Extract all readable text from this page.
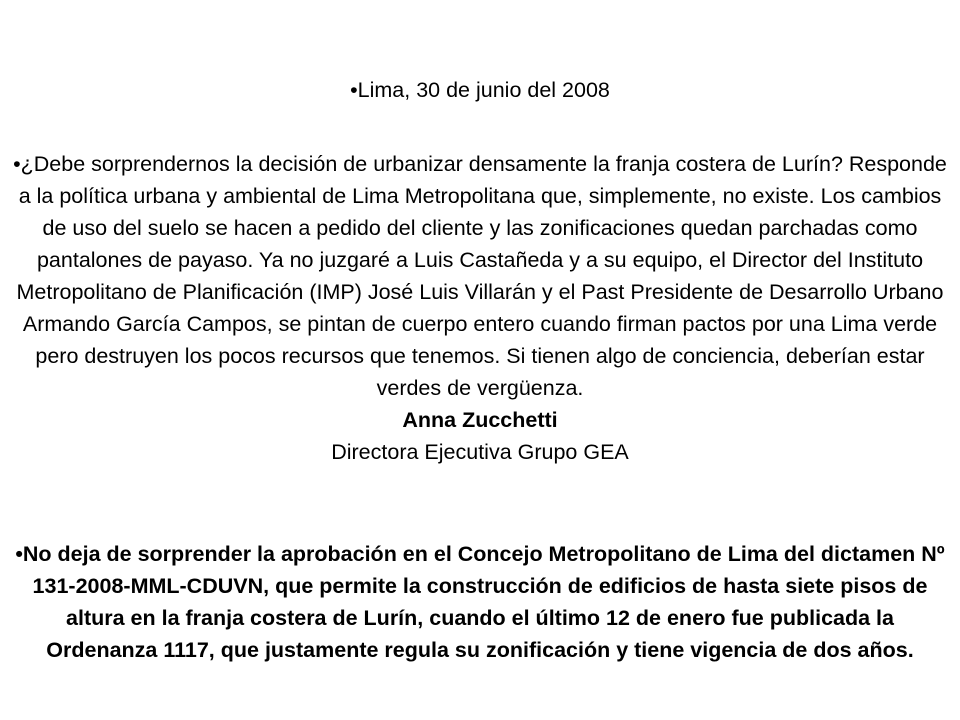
•Lima, 30 de junio del 2008

•¿Debe sorprendernos la decisión de urbanizar densamente la franja costera de Lurín? Responde a la política urbana y ambiental de Lima Metropolitana que, simplemente, no existe. Los cambios de uso del suelo se hacen a pedido del cliente y las zonificaciones quedan parchadas como pantalones de payaso. Ya no juzgaré a Luis Castañeda y a su equipo, el Director del Instituto Metropolitano de Planificación (IMP) José Luis Villarán y el Past Presidente de Desarrollo Urbano Armando García Campos, se pintan de cuerpo entero cuando firman pactos por una Lima verde pero destruyen los pocos recursos que tenemos. Si tienen algo de conciencia, deberían estar verdes de vergüenza.
Anna Zucchetti
Directora Ejecutiva Grupo GEA
•No deja de sorprender la aprobación en el Concejo Metropolitano de Lima del dictamen Nº 131-2008-MML-CDUVN, que permite la construcción de edificios de hasta siete pisos de altura en la franja costera de Lurín, cuando el último 12 de enero fue publicada la Ordenanza 1117, que justamente regula su zonificación y tiene vigencia de dos años.
